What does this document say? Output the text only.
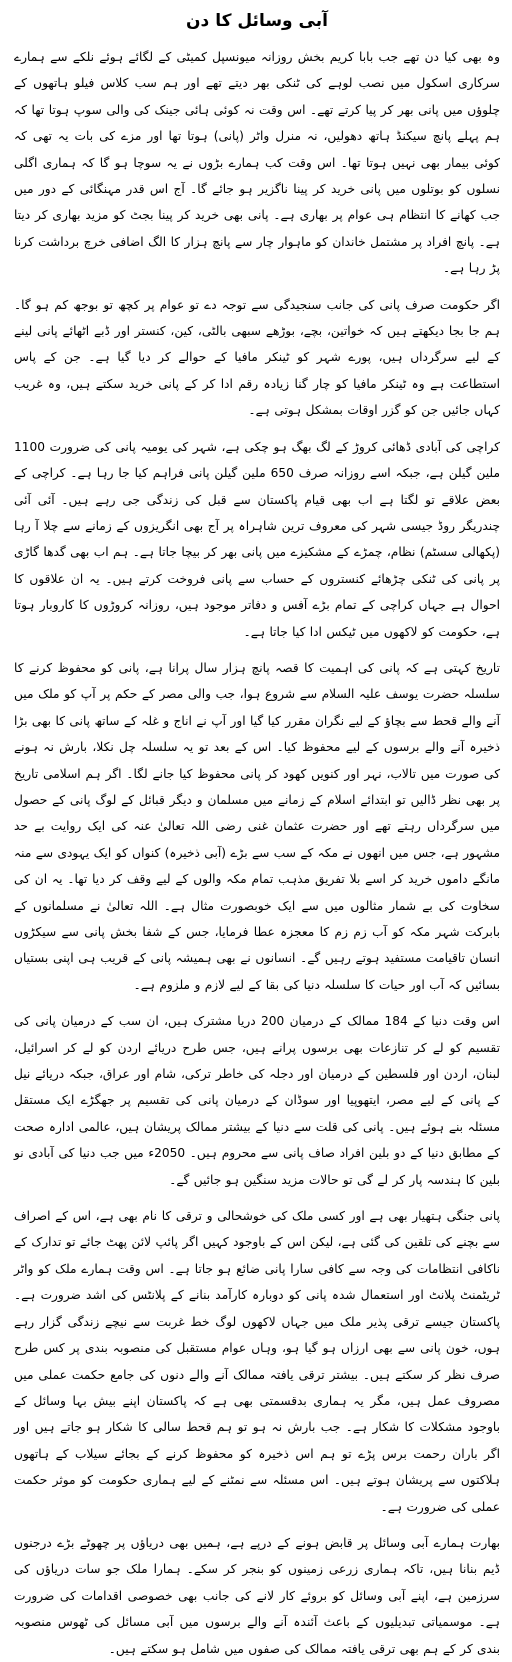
آبی وسائل کا دن

وہ بھی کیا دن تھے جب بابا کریم بخش روزانہ میونسپل کمیٹی کے لگائے ہوئے نلکے سے ہمارے سرکاری اسکول میں نصب لوہے کی ٹنکی بھر دیتے تھے اور ہم سب کلاس فیلو ہاتھوں کے چلوؤں میں پانی بھر کر پیا کرتے تھے۔ اس وقت نہ کوئی ہائی جینک کی والی سوپ ہوتا تھا کہ ہم پہلے پانچ سیکنڈ ہاتھ دھولیں، نہ منرل واٹر (پانی) ہوتا تھا اور مزے کی بات یہ تھی کہ کوئی بیمار بھی نہیں ہوتا تھا۔ اس وقت کب ہمارے بڑوں نے یہ سوچا ہو گا کہ ہماری اگلی نسلوں کو بوتلوں میں پانی خرید کر پینا ناگزیر ہو جائے گا۔ آج اس قدر مہنگائی کے دور میں جب کھانے کا انتظام ہی عوام پر بھاری ہے۔ پانی بھی خرید کر پینا بجٹ کو مزید بھاری کر دیتا ہے۔ پانچ افراد پر مشتمل خاندان کو ماہوار چار سے پانچ ہزار کا الگ اضافی خرچ برداشت کرنا پڑ رہا ہے۔

اگر حکومت صرف پانی کی جانب سنجیدگی سے توجہ دے تو عوام پر کچھ تو بوجھ کم ہو گا۔ ہم جا بجا دیکھتے ہیں کہ خواتین، بچے، بوڑھے سبھی بالٹی، کین، کنستر اور ڈبے اٹھائے پانی لینے کے لیے سرگرداں ہیں، پورے شہر کو ٹینکر مافیا کے حوالے کر دیا گیا ہے۔ جن کے پاس استطاعت ہے وہ ٹینکر مافیا کو چار گنا زیادہ رقم ادا کر کے پانی خرید سکتے ہیں، وہ غریب کہاں جائیں جن کو گزر اوقات بمشکل ہوتی ہے۔

کراچی کی آبادی ڈھائی کروڑ کے لگ بھگ ہو چکی ہے، شہر کی یومیہ پانی کی ضرورت 1100 ملین گیلن ہے، جبکہ اسے روزانہ صرف 650 ملین گیلن پانی فراہم کیا جا رہا ہے۔ کراچی کے بعض علاقے تو لگتا ہے اب بھی قیام پاکستان سے قبل کی زندگی جی رہے ہیں۔ آئی آئی چندریگر روڈ جیسی شہر کی معروف ترین شاہراہ پر آج بھی انگریزوں کے زمانے سے چلا آ رہا (پکھالی سسٹم) نظام، چمڑے کے مشکیزے میں پانی بھر کر بیچا جاتا ہے۔ ہم اب بھی گدھا گاڑی پر پانی کی ٹنکی چڑھائے کنستروں کے حساب سے پانی فروخت کرتے ہیں۔ یہ ان علاقوں کا احوال ہے جہاں کراچی کے تمام بڑے آفس و دفاتر موجود ہیں، روزانہ کروڑوں کا کاروبار ہوتا ہے، حکومت کو لاکھوں میں ٹیکس ادا کیا جاتا ہے۔

تاریخ کہتی ہے کہ پانی کی اہمیت کا قصہ پانچ ہزار سال پرانا ہے، پانی کو محفوظ کرنے کا سلسلہ حضرت یوسف علیہ السلام سے شروع ہوا، جب والی مصر کے حکم پر آپ کو ملک میں آنے والے قحط سے بچاؤ کے لیے نگران مقرر کیا گیا اور آپ نے اناج و غلہ کے ساتھ پانی کا بھی بڑا ذخیرہ آنے والے برسوں کے لیے محفوظ کیا۔ اس کے بعد تو یہ سلسلہ چل نکلا، بارش نہ ہونے کی صورت میں تالاب، نہر اور کنویں کھود کر پانی محفوظ کیا جانے لگا۔ اگر ہم اسلامی تاریخ پر بھی نظر ڈالیں تو ابتدائے اسلام کے زمانے میں مسلمان و دیگر قبائل کے لوگ پانی کے حصول میں سرگرداں رہتے تھے اور حضرت عثمان غنی رضی اللہ تعالیٰ عنہ کی ایک روایت بے حد مشہور ہے، جس میں انھوں نے مکہ کے سب سے بڑے (آبی ذخیرہ) کنواں کو ایک یہودی سے منہ مانگے داموں خرید کر اسے بلا تفریق مذہب تمام مکہ والوں کے لیے وقف کر دیا تھا۔ یہ ان کی سخاوت کی بے شمار مثالوں میں سے ایک خوبصورت مثال ہے۔ اللہ تعالیٰ نے مسلمانوں کے بابرکت شہر مکہ کو آب زم زم کا معجزہ عطا فرمایا، جس کے شفا بخش پانی سے سیکڑوں انسان تاقیامت مستفید ہوتے رہیں گے۔ انسانوں نے بھی ہمیشہ پانی کے قریب ہی اپنی بستیاں بسائیں کہ آب اور حیات کا سلسلہ دنیا کی بقا کے لیے لازم و ملزوم ہے۔

اس وقت دنیا کے 184 ممالک کے درمیان 200 دریا مشترک ہیں، ان سب کے درمیان پانی کی تقسیم کو لے کر تنازعات بھی برسوں پرانے ہیں، جس طرح دریائے اردن کو لے کر اسرائیل، لبنان، اردن اور فلسطین کے درمیان اور دجلہ کی خاطر ترکی، شام اور عراق، جبکہ دریائے نیل کے پانی کے لیے مصر، ایتھوپیا اور سوڈان کے درمیان پانی کی تقسیم پر جھگڑے ایک مستقل مسئلہ بنے ہوئے ہیں۔ پانی کی قلت سے دنیا کے بیشتر ممالک پریشان ہیں، عالمی ادارہ صحت کے مطابق دنیا کے دو بلین افراد صاف پانی سے محروم ہیں۔ 2050ء میں جب دنیا کی آبادی نو بلین کا ہندسہ پار کر لے گی تو حالات مزید سنگین ہو جائیں گے۔

پانی جنگی ہتھیار بھی ہے اور کسی ملک کی خوشحالی و ترقی کا نام بھی ہے، اس کے اصراف سے بچنے کی تلقین کی گئی ہے، لیکن اس کے باوجود کہیں اگر پائپ لائن پھٹ جائے تو تدارک کے ناکافی انتظامات کی وجہ سے کافی سارا پانی ضائع ہو جاتا ہے۔ اس وقت ہمارے ملک کو واٹر ٹریٹمنٹ پلانٹ اور استعمال شدہ پانی کو دوبارہ کارآمد بنانے کے پلانٹس کی اشد ضرورت ہے۔ پاکستان جیسے ترقی پذیر ملک میں جہاں لاکھوں لوگ خط غربت سے نیچے زندگی گزار رہے ہوں، خون پانی سے بھی ارزاں ہو گیا ہو، وہاں عوام مستقبل کی منصوبہ بندی پر کس طرح صرف نظر کر سکتے ہیں۔ بیشتر ترقی یافتہ ممالک آنے والے دنوں کی جامع حکمت عملی میں مصروف عمل ہیں، مگر یہ ہماری بدقسمتی بھی ہے کہ پاکستان اپنے بیش بہا وسائل کے باوجود مشکلات کا شکار ہے۔ جب بارش نہ ہو تو ہم قحط سالی کا شکار ہو جاتے ہیں اور اگر باران رحمت برس پڑے تو ہم اس ذخیرہ کو محفوظ کرنے کے بجائے سیلاب کے ہاتھوں ہلاکتوں سے پریشان ہوتے ہیں۔ اس مسئلہ سے نمٹنے کے لیے ہماری حکومت کو موثر حکمت عملی کی ضرورت ہے۔

بھارت ہمارے آبی وسائل پر قابض ہونے کے درپے ہے، ہمیں بھی دریاؤں پر چھوٹے بڑے درجنوں ڈیم بنانا ہیں، تاکہ ہماری زرعی زمینوں کو بنجر کر سکے۔ ہمارا ملک جو سات دریاؤں کی سرزمین ہے، اپنے آبی وسائل کو بروئے کار لانے کی جانب بھی خصوصی اقدامات کی ضرورت ہے۔ موسمیاتی تبدیلیوں کے باعث آئندہ آنے والے برسوں میں آبی مسائل کی ٹھوس منصوبہ بندی کر کے ہم بھی ترقی یافتہ ممالک کی صفوں میں شامل ہو سکتے ہیں۔
